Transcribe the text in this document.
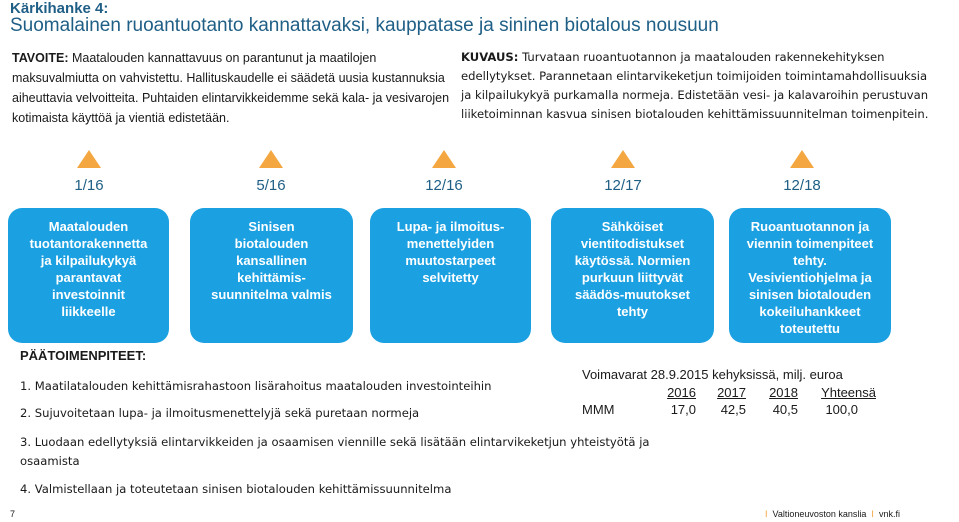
Kärkihanke 4:
Suomalainen ruoantuotanto kannattavaksi, kauppatase ja sininen biotalous nousuun
TAVOITE: Maatalouden kannattavuus on parantunut ja maatilojen maksuvalmiutta on vahvistettu. Hallituskaudelle ei säädetä uusia kustannuksia aiheuttavia velvoitteita. Puhtaiden elintarvikkeidemme sekä kala- ja vesivarojen kotimaista käyttöä ja vientiä edistetään.
KUVAUS: Turvataan ruoantuotannon ja maatalouden rakennekehityksen edellytykset. Parannetaan elintarvikeketjun toimijoiden toimintamahdollisuuksia ja kilpailukykyä purkamalla normeja. Edistetään vesi- ja kalavaroihin perustuvan liiketoiminnan kasvua sinisen biotalouden kehittämissuunnitelman toimenpitein.
1/16	5/16	12/16	12/17	12/18
Maatalouden
tuotantorakennetta
ja kilpailukykyä
parantavat
investoinnit
liikkeelle
Sinisen
biotalouden
kansallinen
kehittämis-
suunnitelma valmis
Lupa- ja ilmoitus-
menettelyiden
muutostarpeet
selvitetty
Sähköiset
vientitodistukset
käytössä. Normien
purkuun liittyvät
säädös-muutokset
tehty
Ruoantuotannon ja
viennin toimenpiteet
tehty.
Vesivientiohjelma ja
sinisen biotalouden
kokeiluhankkeet
toteutettu
PÄÄTOIMENPITEET:
1. Maatilatalouden kehittämisrahastoon lisärahoitus maatalouden investointeihin
2. Sujuvoitetaan lupa- ja ilmoitusmenettelyjä sekä puretaan normeja
3. Luodaan edellytyksiä elintarvikkeiden ja osaamisen viennille sekä lisätään elintarvikeketjun yhteistyötä ja osaamista
4. Valmistellaan ja toteutetaan sinisen biotalouden kehittämissuunnitelma
Voimavarat 28.9.2015 kehyksissä, milj. euroa
	2016	2017	2018	Yhteensä
MMM	17,0	42,5	40,5	100,0
7	I Valtioneuvoston kanslia I vnk.fi
